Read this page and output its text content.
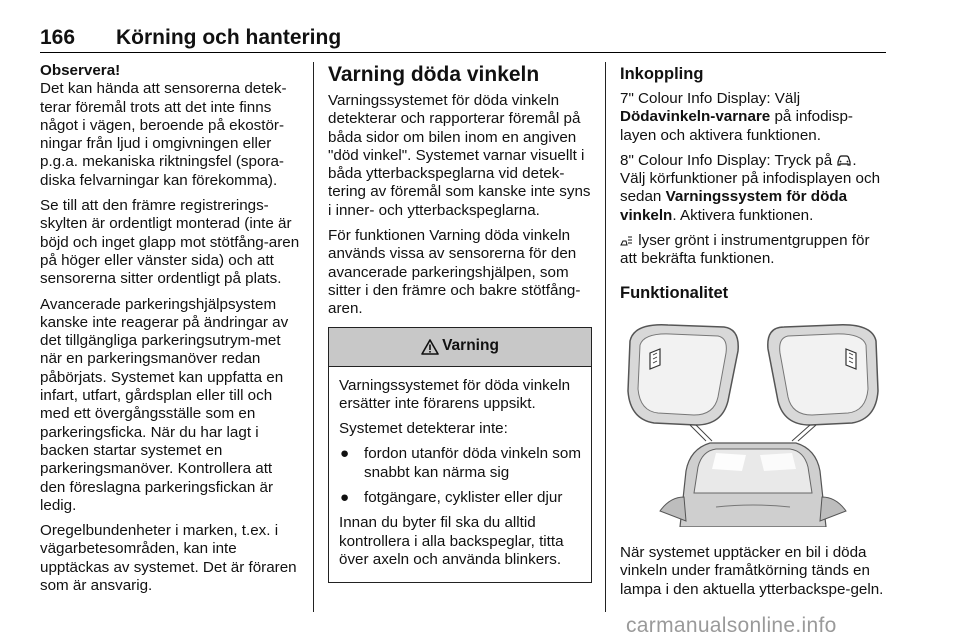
166 Körning och hantering
Observera!

Det kan hända att sensorerna detek-terar föremål trots att det inte finns något i vägen, beroende på ekostör-ningar från ljud i omgivningen eller p.g.a. mekaniska riktningsfel (spora-diska felvarningar kan förekomma).

Se till att den främre registrerings-skylten är ordentligt monterad (inte är böjd och inget glapp mot stötfång-aren på höger eller vänster sida) och att sensorerna sitter ordentligt på plats.

Avancerade parkeringshjälpsystem kanske inte reagerar på ändringar av det tillgängliga parkeringsutrym-met när en parkeringsmanöver redan påbörjats. Systemet kan uppfatta en infart, utfart, gårdsplan eller till och med ett övergångsställe som en parkeringsficka. När du har lagt i backen startar systemet en parkeringsmanöver. Kontrollera att den föreslagna parkeringsfickan är ledig.

Oregelbundenheter i marken, t.ex. i vägarbetesområden, kan inte upptäckas av systemet. Det är föraren som är ansvarig.

Varning döda vinkeln

Varningssystemet för döda vinkeln detekterar och rapporterar föremål på båda sidor om bilen inom en angiven "död vinkel". Systemet varnar visuellt i båda ytterbackspeglarna vid detek-tering av föremål som kanske inte syns i inner- och ytterbackspeglarna.

För funktionen Varning döda vinkeln används vissa av sensorerna för den avancerade parkeringshjälpen, som sitter i den främre och bakre stötfång-aren.

Varning

Varningssystemet för döda vinkeln ersätter inte förarens uppsikt.

Systemet detekterar inte:

● fordon utanför döda vinkeln som snabbt kan närma sig
● fotgängare, cyklister eller djur

Innan du byter fil ska du alltid kontrollera i alla backspeglar, titta över axeln och använda blinkers.

Inkoppling

7" Colour Info Display: Välj Dödavinkeln-varnare på infodisp-layen och aktivera funktionen.

8" Colour Info Display: Tryck på . Välj körfunktioner på infodisplayen och sedan Varningssystem för döda vinkeln. Aktivera funktionen.

lyser grönt i instrumentgruppen för att bekräfta funktionen.

Funktionalitet

När systemet upptäcker en bil i döda vinkeln under framåtkörning tänds en lampa i den aktuella ytterbackspe-geln.

carmanualsonline.info
